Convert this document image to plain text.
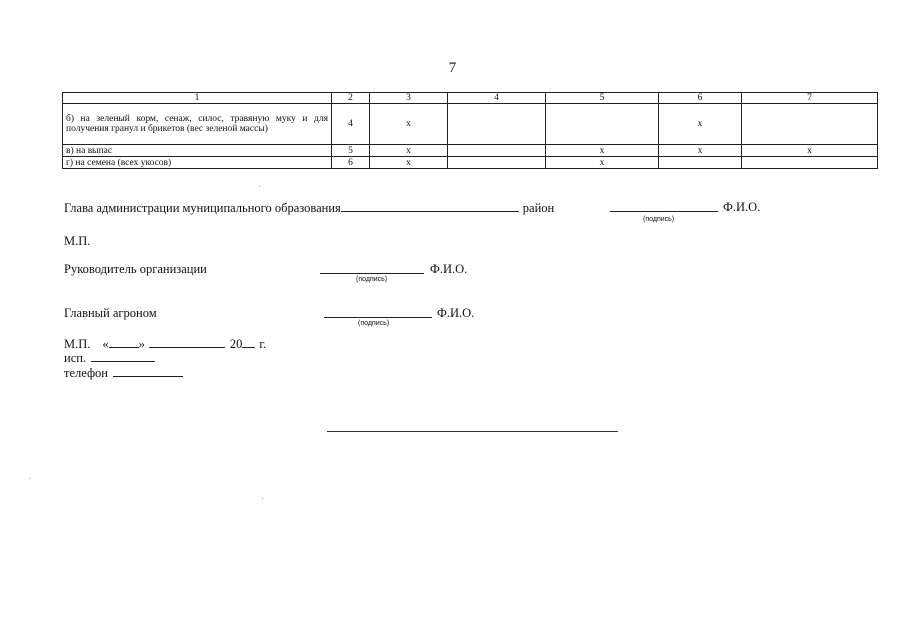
7
1	2	3	4	5	6	7
б) на зеленый корм, сенаж, силос, травяную муку и для получения гранул и брикетов (вес зеленой массы)	4	x			x	
в) на выпас	5	x		x	x	x
г) на семена (всех укосов)	6	x		x		
Глава администрации муниципального образования	район	Ф.И.О.
(подпись)
М.П.
Руководитель организации	Ф.И.О.
(подпись)
Главный агроном	Ф.И.О.
(подпись)
М.П. « »	20 г.
исп.
телефон
